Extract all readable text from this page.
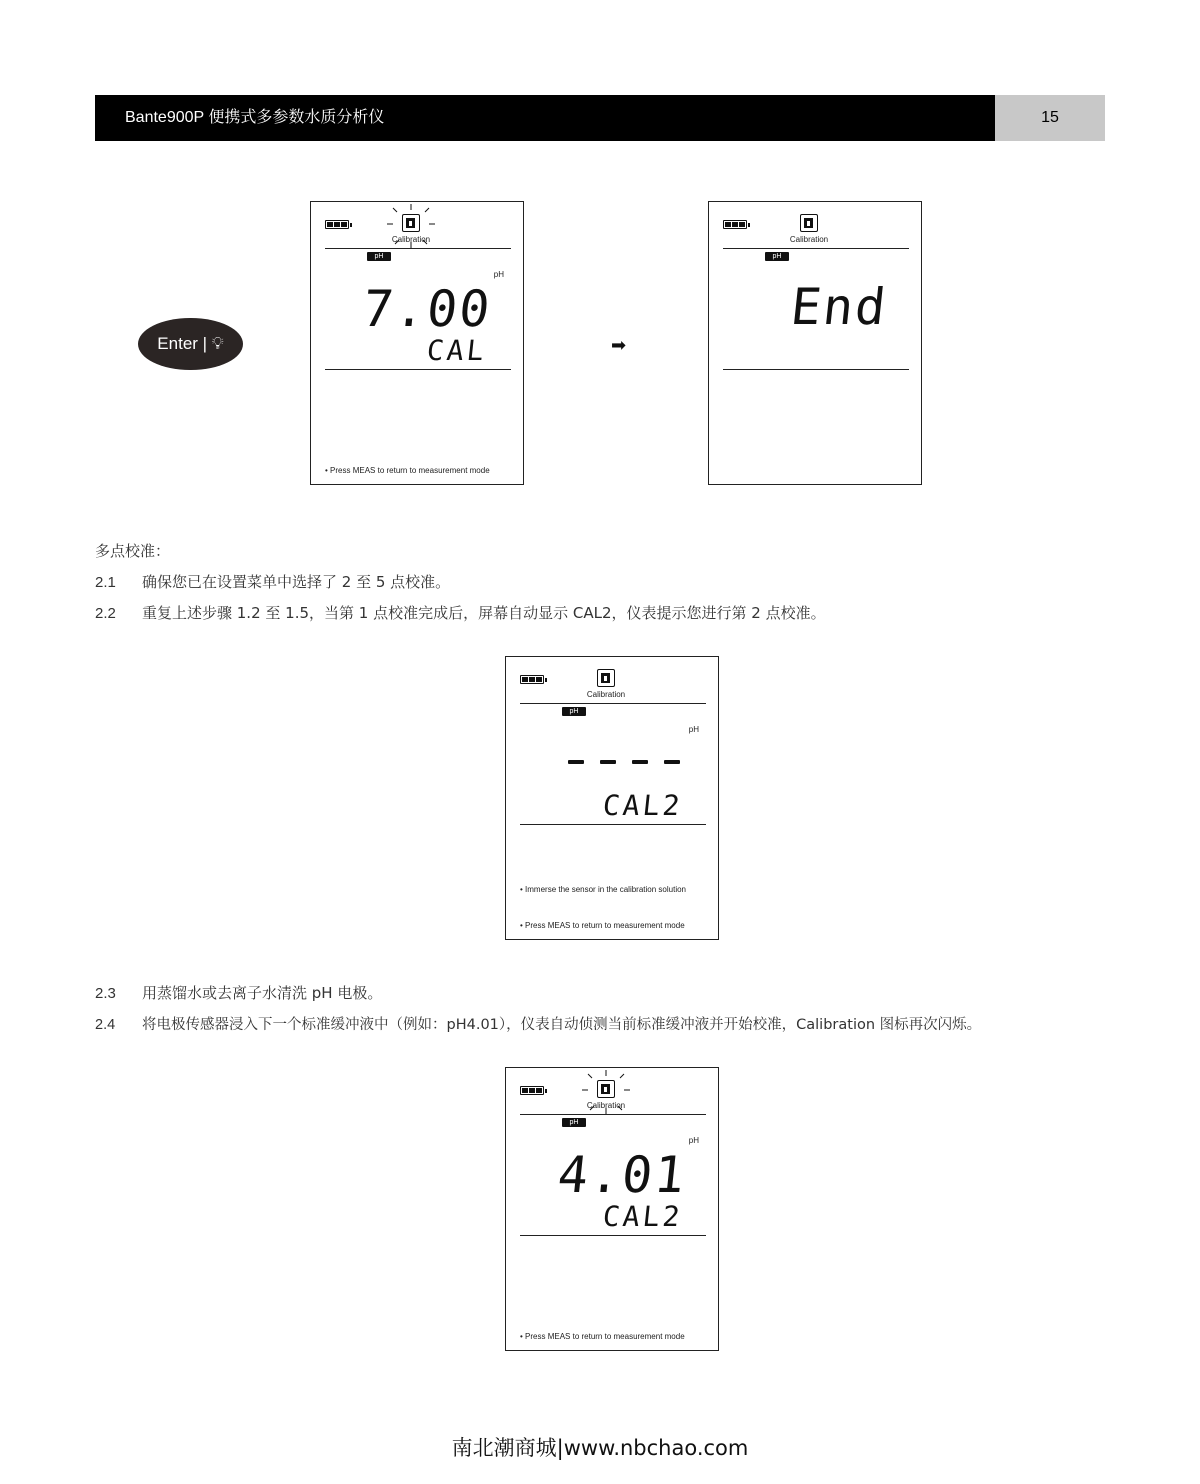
Bante900P 便携式多参数水质分析仪	15
Enter | 💡︎
Calibration
pH
pH
7.00
CAL
• Press MEAS to return to measurement mode
➡
Calibration
pH
End
多点校准：
2.1 确保您已在设置菜单中选择了 2 至 5 点校准。
2.2 重复上述步骤 1.2 至 1.5，当第 1 点校准完成后，屏幕自动显示 CAL2，仪表提示您进行第 2 点校准。
Calibration
pH
pH
CAL2
• Immerse the sensor in the calibration solution
• Press MEAS to return to measurement mode
2.3 用蒸馏水或去离子水清洗 pH 电极。
2.4 将电极传感器浸入下一个标准缓冲液中（例如：pH4.01），仪表自动侦测当前标准缓冲液并开始校准，Calibration 图标再次闪烁。
Calibration
pH
pH
4.01
CAL2
• Press MEAS to return to measurement mode
南北潮商城|www.nbchao.com
